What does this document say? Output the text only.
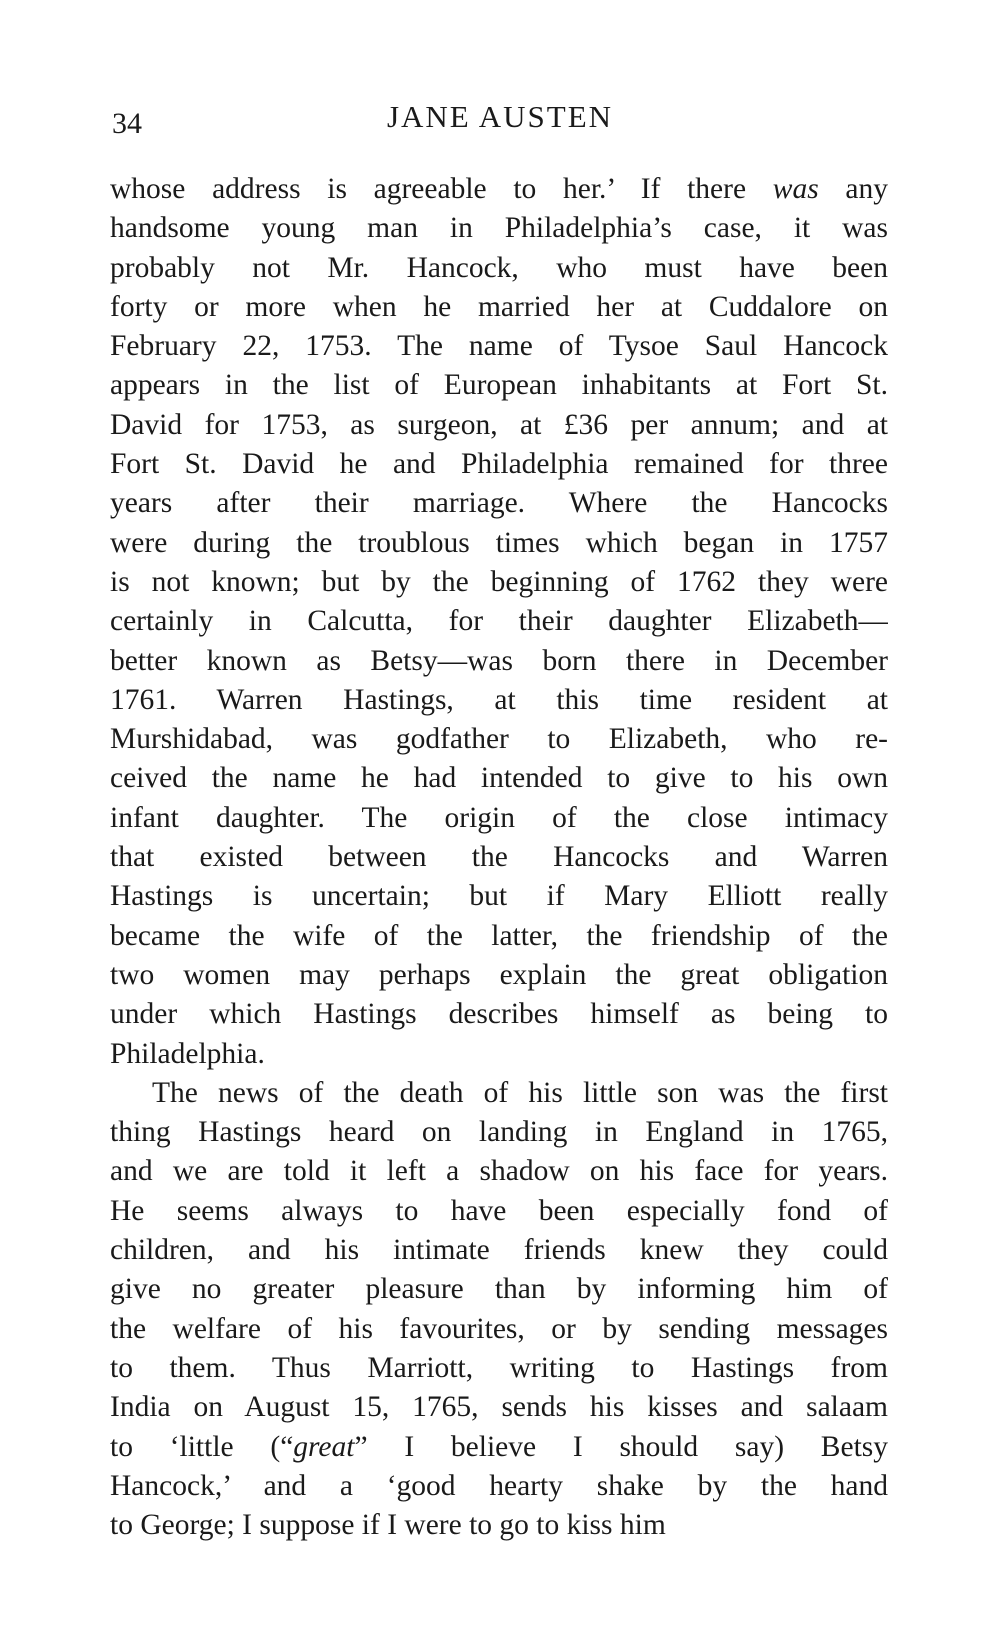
34	JANE AUSTEN
whose address is agreeable to her.’ If there was any
handsome young man in Philadelphia’s case, it was
probably not Mr. Hancock, who must have been
forty or more when he married her at Cuddalore on
February 22, 1753. The name of Tysoe Saul Hancock
appears in the list of European inhabitants at Fort St.
David for 1753, as surgeon, at £36 per annum; and at
Fort St. David he and Philadelphia remained for three
years after their marriage. Where the Hancocks
were during the troublous times which began in 1757
is not known; but by the beginning of 1762 they were
certainly in Calcutta, for their daughter Elizabeth—
better known as Betsy—was born there in December
1761. Warren Hastings, at this time resident at
Murshidabad, was godfather to Elizabeth, who re-
ceived the name he had intended to give to his own
infant daughter. The origin of the close intimacy
that existed between the Hancocks and Warren
Hastings is uncertain; but if Mary Elliott really
became the wife of the latter, the friendship of the
two women may perhaps explain the great obligation
under which Hastings describes himself as being to
Philadelphia.
The news of the death of his little son was the first
thing Hastings heard on landing in England in 1765,
and we are told it left a shadow on his face for years.
He seems always to have been especially fond of
children, and his intimate friends knew they could
give no greater pleasure than by informing him of
the welfare of his favourites, or by sending messages
to them. Thus Marriott, writing to Hastings from
India on August 15, 1765, sends his kisses and salaam
to ‘little (“great” I believe I should say) Betsy
Hancock,’ and a ‘good hearty shake by the hand
to George; I suppose if I were to go to kiss him
